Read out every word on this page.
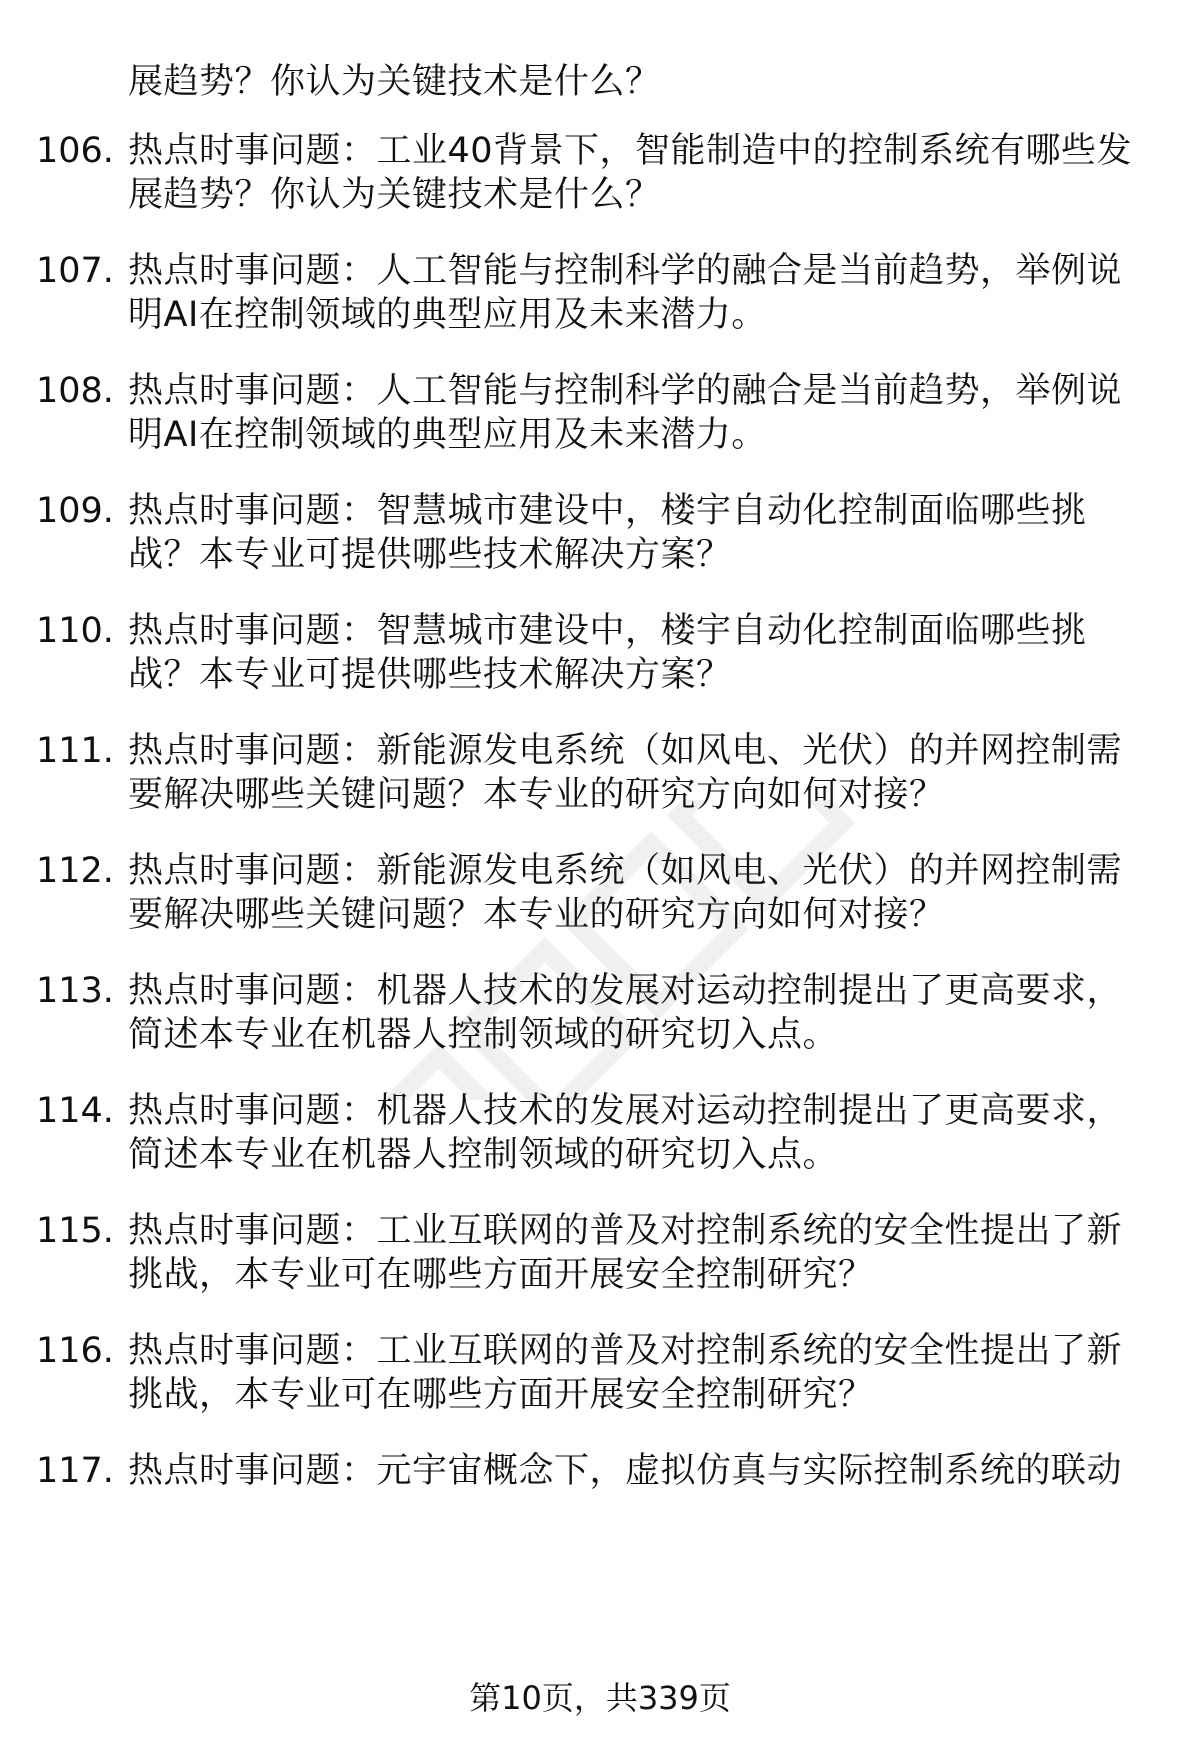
展趋势？你认为关键技术是什么？
106. 热点时事问题：工业40背景下，智能制造中的控制系统有哪些发
展趋势？你认为关键技术是什么？
107. 热点时事问题：人工智能与控制科学的融合是当前趋势，举例说
明AI在控制领域的典型应用及未来潜力。
108. 热点时事问题：人工智能与控制科学的融合是当前趋势，举例说
明AI在控制领域的典型应用及未来潜力。
109. 热点时事问题：智慧城市建设中，楼宇自动化控制面临哪些挑
战？本专业可提供哪些技术解决方案？
110. 热点时事问题：智慧城市建设中，楼宇自动化控制面临哪些挑
战？本专业可提供哪些技术解决方案？
111. 热点时事问题：新能源发电系统（如风电、光伏）的并网控制需
要解决哪些关键问题？本专业的研究方向如何对接？
112. 热点时事问题：新能源发电系统（如风电、光伏）的并网控制需
要解决哪些关键问题？本专业的研究方向如何对接？
113. 热点时事问题：机器人技术的发展对运动控制提出了更高要求，
简述本专业在机器人控制领域的研究切入点。
114. 热点时事问题：机器人技术的发展对运动控制提出了更高要求，
简述本专业在机器人控制领域的研究切入点。
115. 热点时事问题：工业互联网的普及对控制系统的安全性提出了新
挑战，本专业可在哪些方面开展安全控制研究？
116. 热点时事问题：工业互联网的普及对控制系统的安全性提出了新
挑战，本专业可在哪些方面开展安全控制研究？
117. 热点时事问题：元宇宙概念下，虚拟仿真与实际控制系统的联动
第10页，共339页
